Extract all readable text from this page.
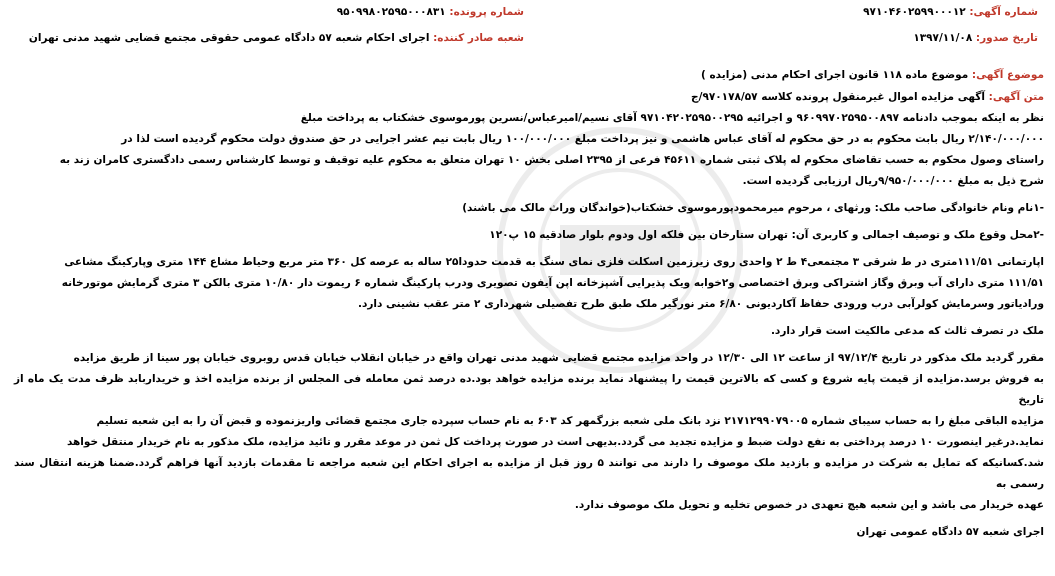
شماره آگهی: ۹۷۱۰۴۶۰۲۵۹۹۰۰۰۱۲
شماره پرونده: ۹۵۰۹۹۸۰۲۵۹۵۰۰۰۸۳۱
تاریخ صدور: ۱۳۹۷/۱۱/۰۸
شعبه صادر کننده: اجرای احکام شعبه ۵۷ دادگاه عمومی حقوقی مجتمع قضایی شهید مدنی تهران
موضوع آگهی: موضوع ماده ۱۱۸ قانون اجرای احکام مدنی (مزایده )
متن آگهی: آگهی مزایده اموال غیرمنقول پرونده کلاسه ۹۷۰۱۷۸/۵۷/ج
نظر به اینکه بموجب دادنامه ۹۶۰۹۹۷۰۲۵۹۵۰۰۸۹۷ و اجرائیه ۹۷۱۰۴۲۰۲۵۹۵۰۰۲۹۵ آقای نسیم/امیرعباس/نسرین پورموسوی خشکتاب به پرداخت مبلغ
۲/۱۴۰/۰۰۰/۰۰۰ ریال بابت محکوم به در حق محکوم له آقای عباس هاشمی و نیز پرداخت مبلغ ۱۰۰/۰۰۰/۰۰۰ ریال بابت نیم عشر اجرایی در حق صندوق دولت محکوم گردیده است لذا در
راستای وصول محکوم به حسب تقاضای محکوم له پلاک ثبتی شماره ۴۵۶۱۱ فرعی از ۲۳۹۵ اصلی بخش ۱۰ تهران متعلق به محکوم علیه توقیف و توسط کارشناس رسمی دادگستری کامران زند به
شرح ذیل به مبلغ ۹/۹۵۰/۰۰۰/۰۰۰ریال ارزیابی گردیده است.
-۱نام ونام خانوادگی صاحب ملک: ورثهای ، مرحوم میرمحمودپورموسوی خشکتاب(خواندگان وراث مالک می باشند)
-۲محل وقوع ملک و توصیف اجمالی و کاربری آن: تهران ستارخان بین فلکه اول ودوم بلوار صادقیه ۱۵ پ۱۲۰
اپارتمانی ۱۱۱/۵۱متری در ط شرقی ۳ مجتمعی۴ ط ۲ واحدی روی زیرزمین اسکلت فلزی نمای سنگ به قدمت حدودا۲۵ ساله به عرصه کل ۳۶۰ متر مربع وحیاط مشاع ۱۴۴ متری وپارکینگ مشاعی
۱۱۱/۵۱ متری دارای آب وبرق وگاز اشتراکی وبرق اختصاصی و۲خوابه ویک پذیرایی آشپزخانه اپن آیفون تصویری ودرب پارکینگ شماره ۶ ریموت دار ۱۰/۸۰ متری بالکن ۳ متری گرمایش موتورخانه
ورادیاتور وسرمایش کولرآبی درب ورودی حفاظ آکاردیونی ۶/۸۰ متر نورگیر ملک طبق طرح تفصیلی شهرداری ۲ متر عقب نشینی دارد.
ملک در تصرف ثالث که مدعی مالکیت است قرار دارد.
مقرر گردید ملک مذکور در تاریخ ۹۷/۱۲/۴ از ساعت ۱۲ الی ۱۲/۳۰ در واحد مزایده مجتمع قضایی شهید مدنی تهران واقع در خیابان انقلاب خیابان قدس روبروی خیابان پور سینا از طریق مزایده
به فروش برسد.مزایده از قیمت پایه شروع و کسی که بالاترین قیمت را پیشنهاد نماید برنده مزایده خواهد بود.ده درصد ثمن معامله فی المجلس از برنده مزایده اخذ و خریداربابد ظرف مدت یک ماه از تاریخ
مزایده الباقی مبلغ را به حساب سیبای شماره ۲۱۷۱۲۹۹۰۷۹۰۰۵ نزد بانک ملی شعبه بزرگمهر کد ۶۰۳ به نام حساب سپرده جاری مجتمع قضائی واریزنموده و قبض آن را به این شعبه تسلیم
نماید.درغیر اینصورت ۱۰ درصد پرداختی به نفع دولت ضبط و مزایده تجدید می گردد.بدیهی است در صورت پرداخت کل ثمن در موعد مقرر و تائید مزایده، ملک مذکور به نام خریدار منتقل خواهد
شد.کسانیکه که تمایل به شرکت در مزایده و بازدید ملک موصوف را دارند می توانند ۵ روز قبل از مزایده به اجرای احکام این شعبه مراجعه تا مقدمات بازدید آنها فراهم گردد.ضمنا هزینه انتقال سند رسمی به
عهده خریدار می باشد و این شعبه هیچ تعهدی در خصوص تخلیه و تحویل ملک موصوف ندارد.
اجرای شعبه ۵۷ دادگاه عمومی تهران
